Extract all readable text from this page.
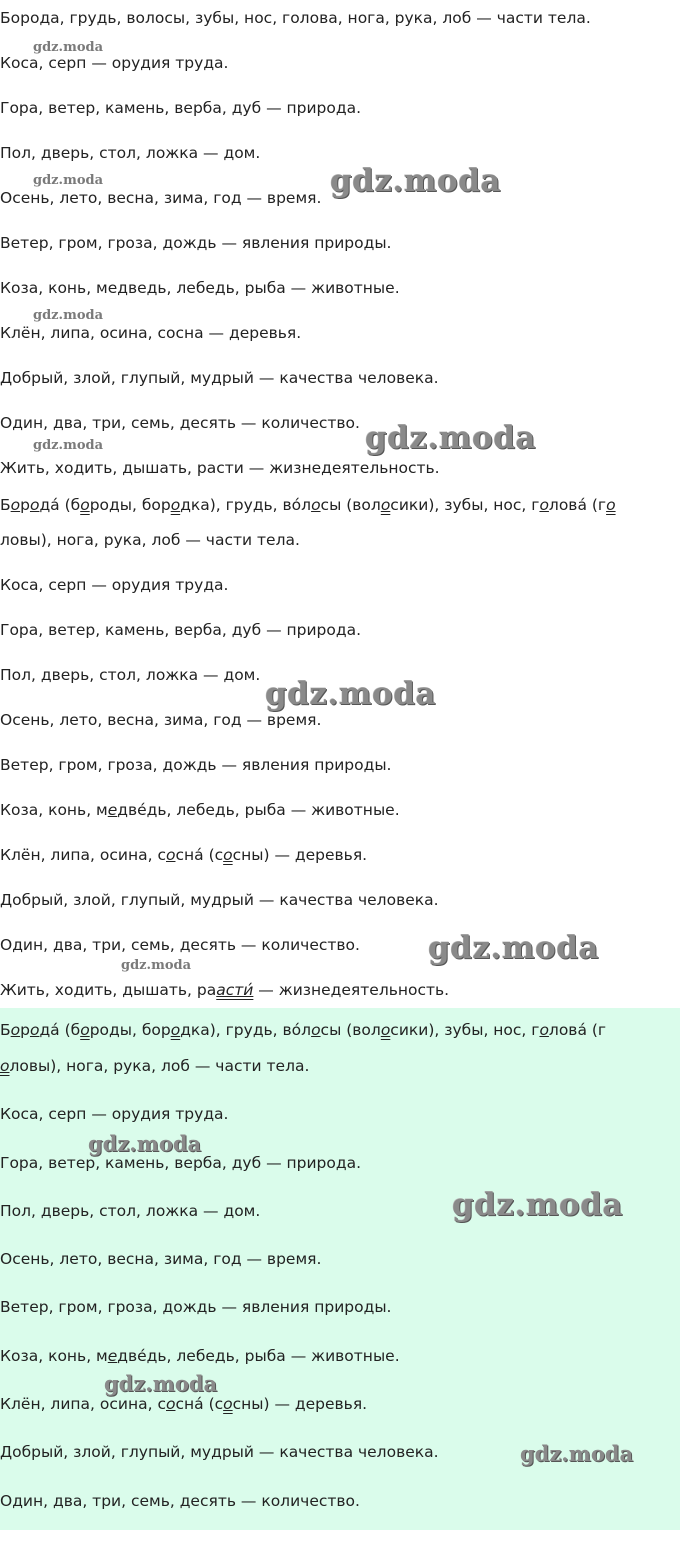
Борода, грудь, волосы, зубы, нос, голова, нога, рука, лоб — части тела.
Коса, серп — орудия труда.
Гора, ветер, камень, верба, дуб — природа.
Пол, дверь, стол, ложка — дом.
Осень, лето, весна, зима, год — время.
Ветер, гром, гроза, дождь — явления природы.
Коза, конь, медведь, лебедь, рыба — животные.
Клён, липа, осина, сосна — деревья.
Добрый, злой, глупый, мудрый — качества человека.
Один, два, три, семь, десять — количество.
Жить, ходить, дышать, расти — жизнедеятельность.
Борода́ (бороды, бородка), грудь, во́лосы (волосики), зубы, нос, голова́ (го
ловы), нога, рука, лоб — части тела.
Коса, серп — орудия труда.
Гора, ветер, камень, верба, дуб — природа.
Пол, дверь, стол, ложка — дом.
Осень, лето, весна, зима, год — время.
Ветер, гром, гроза, дождь — явления природы.
Коза, конь, медве́дь, лебедь, рыба — животные.
Клён, липа, осина, сосна́ (сосны) — деревья.
Добрый, злой, глупый, мудрый — качества человека.
Один, два, три, семь, десять — количество.
Жить, ходить, дышать, раасти́ — жизнедеятельность.
Борода́ (бороды, бородка), грудь, во́лосы (волосики), зубы, нос, голова́ (г
оловы), нога, рука, лоб — части тела.
Коса, серп — орудия труда.
Гора, ветер, камень, верба, дуб — природа.
Пол, дверь, стол, ложка — дом.
Осень, лето, весна, зима, год — время.
Ветер, гром, гроза, дождь — явления природы.
Коза, конь, медве́дь, лебедь, рыба — животные.
Клён, липа, осина, сосна́ (сосны) — деревья.
Добрый, злой, глупый, мудрый — качества человека.
Один, два, три, семь, десять — количество.
gdz.moda
gdz.moda	gdz.moda
gdz.moda
gdz.moda
gdz.moda
gdz.moda
gdz.moda
gdz.moda
gdz.moda
gdz.moda
gdz.moda
gdz.moda
